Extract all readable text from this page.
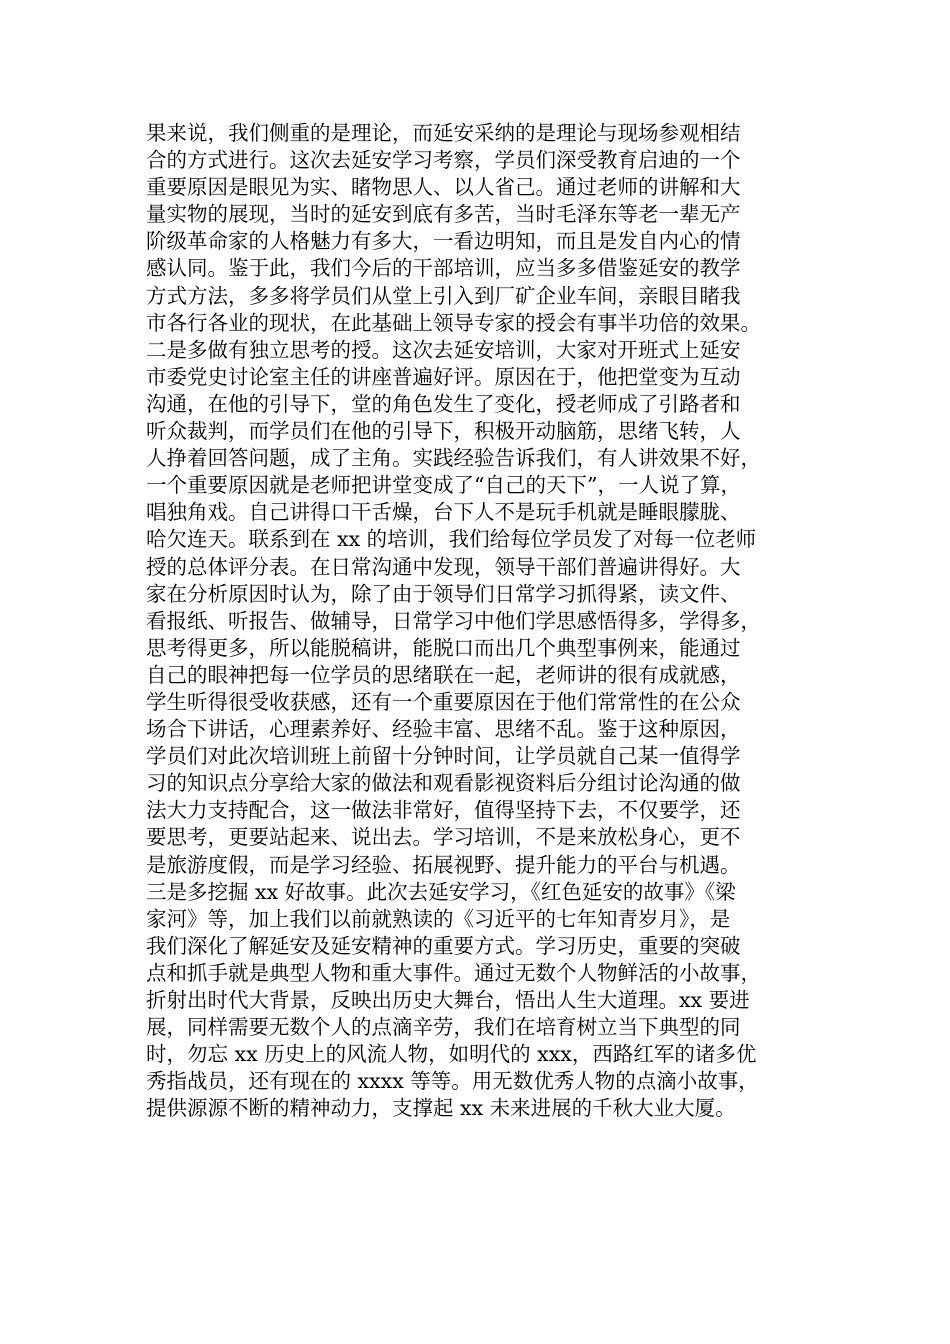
果来说，我们侧重的是理论，而延安采纳的是理论与现场参观相结
合的方式进行。这次去延安学习考察，学员们深受教育启迪的一个
重要原因是眼见为实、睹物思人、以人省己。通过老师的讲解和大
量实物的展现，当时的延安到底有多苦，当时毛泽东等老一辈无产
阶级革命家的人格魅力有多大，一看边明知，而且是发自内心的情
感认同。鉴于此，我们今后的干部培训，应当多多借鉴延安的教学
方式方法，多多将学员们从堂上引入到厂矿企业车间，亲眼目睹我
市各行各业的现状，在此基础上领导专家的授会有事半功倍的效果。
二是多做有独立思考的授。这次去延安培训，大家对开班式上延安
市委党史讨论室主任的讲座普遍好评。原因在于，他把堂变为互动
沟通，在他的引导下，堂的角色发生了变化，授老师成了引路者和
听众裁判，而学员们在他的引导下，积极开动脑筋，思绪飞转，人
人挣着回答问题，成了主角。实践经验告诉我们，有人讲效果不好，
一个重要原因就是老师把讲堂变成了“自己的天下”，一人说了算，
唱独角戏。自己讲得口干舌燥，台下人不是玩手机就是睡眼朦胧、
哈欠连天。联系到在 xx 的培训，我们给每位学员发了对每一位老师
授的总体评分表。在日常沟通中发现，领导干部们普遍讲得好。大
家在分析原因时认为，除了由于领导们日常学习抓得紧，读文件、
看报纸、听报告、做辅导，日常学习中他们学思感悟得多，学得多，
思考得更多，所以能脱稿讲，能脱口而出几个典型事例来，能通过
自己的眼神把每一位学员的思绪联在一起，老师讲的很有成就感，
学生听得很受收获感，还有一个重要原因在于他们常常性的在公众
场合下讲话，心理素养好、经验丰富、思绪不乱。鉴于这种原因，
学员们对此次培训班上前留十分钟时间，让学员就自己某一值得学
习的知识点分享给大家的做法和观看影视资料后分组讨论沟通的做
法大力支持配合，这一做法非常好，值得坚持下去，不仅要学，还
要思考，更要站起来、说出去。学习培训，不是来放松身心，更不
是旅游度假，而是学习经验、拓展视野、提升能力的平台与机遇。
三是多挖掘 xx 好故事。此次去延安学习，《红色延安的故事》《梁
家河》等，加上我们以前就熟读的《习近平的七年知青岁月》，是
我们深化了解延安及延安精神的重要方式。学习历史，重要的突破
点和抓手就是典型人物和重大事件。通过无数个人物鲜活的小故事，
折射出时代大背景，反映出历史大舞台，悟出人生大道理。xx 要进
展，同样需要无数个人的点滴辛劳，我们在培育树立当下典型的同
时，勿忘 xx 历史上的风流人物，如明代的 xxx，西路红军的诸多优
秀指战员，还有现在的 xxxx 等等。用无数优秀人物的点滴小故事，
提供源源不断的精神动力，支撑起 xx 未来进展的千秋大业大厦。
